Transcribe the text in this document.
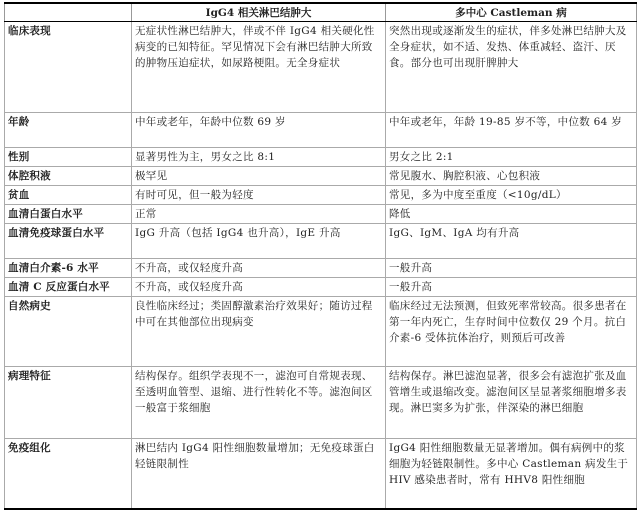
	IgG4 相关淋巴结肿大	多中心 Castleman 病
临床表现	无症状性淋巴结肿大，伴或不伴 IgG4 相关硬化性病变的已知特征。罕见情况下会有淋巴结肿大所致的肿物压迫症状，如尿路梗阻。无全身症状	突然出现或逐渐发生的症状，伴多处淋巴结肿大及全身症状，如不适、发热、体重减轻、盗汗、厌食。部分也可出现肝脾肿大
年龄	中年或老年，年龄中位数 69 岁	中年或老年，年龄 19-85 岁不等，中位数 64 岁
性别	显著男性为主，男女之比 8:1	男女之比 2:1
体腔积液	极罕见	常见腹水、胸腔积液、心包积液
贫血	有时可见，但一般为轻度	常见，多为中度至重度（<10g/dL）
血清白蛋白水平	正常	降低
血清免疫球蛋白水平	IgG 升高（包括 IgG4 也升高），IgE 升高	IgG、IgM、IgA 均有升高
血清白介素-6 水平	不升高，或仅轻度升高	一般升高
血清 C 反应蛋白水平	不升高，或仅轻度升高	一般升高
自然病史	良性临床经过；类固醇激素治疗效果好；随访过程中可在其他部位出现病变	临床经过无法预测，但致死率常较高。很多患者在第一年内死亡，生存时间中位数仅 29 个月。抗白介素-6 受体抗体治疗，则预后可改善
病理特征	结构保存。组织学表现不一，滤泡可自常规表现、至透明血管型、退缩、进行性转化不等。滤泡间区一般富于浆细胞	结构保存。淋巴滤泡显著，很多会有滤泡扩张及血管增生或退缩改变。滤泡间区呈显著浆细胞增多表现。淋巴窦多为扩张，伴深染的淋巴细胞
免疫组化	淋巴结内 IgG4 阳性细胞数量增加；无免疫球蛋白轻链限制性	IgG4 阳性细胞数量无显著增加。偶有病例中的浆细胞为轻链限制性。多中心 Castleman 病发生于 HIV 感染患者时，常有 HHV8 阳性细胞
